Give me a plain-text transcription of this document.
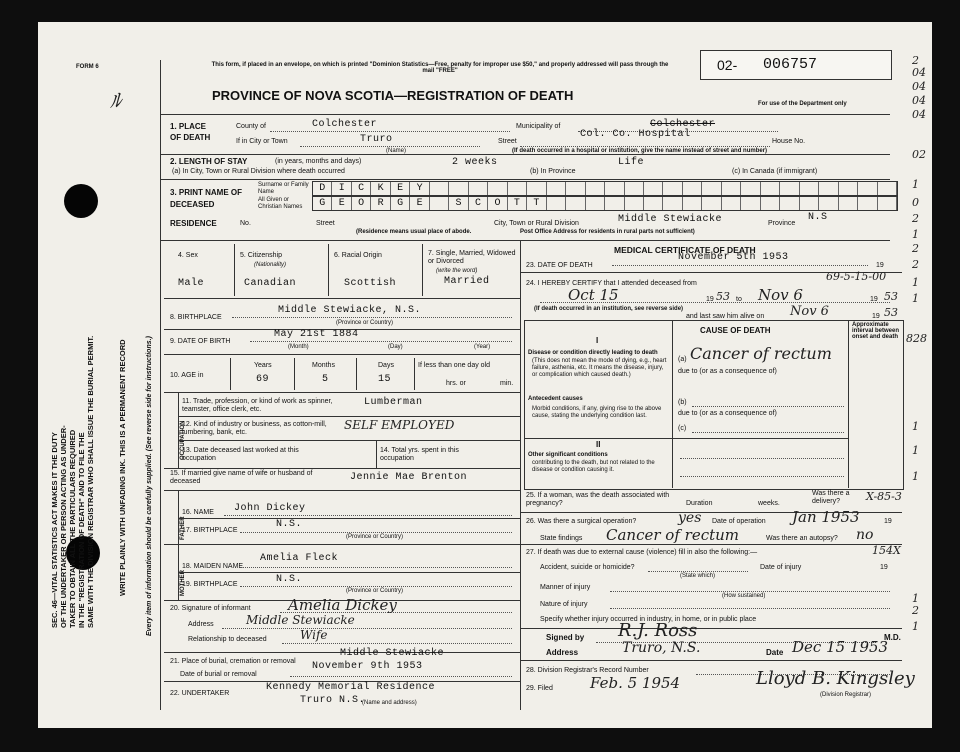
SEC. 46—VITAL STATISTICS ACT MAKES IT THE DUTY OF THE UNDERTAKER OR PERSON ACTING AS UNDER- TAKER TO OBTAIN ALL THE PARTICULARS REQUIRED IN THE "REGISTRATION OF DEATH" AND TO FILE THE SAME WITH THE DIVISION REGISTRAR WHO SHALL ISSUE THE BURIAL PERMIT.	WRITE PLAINLY WITH UNFADING INK. THIS IS A PERMANENT RECORD	Every item of information should be carefully supplied. (See reverse side for instructions.)
FORM 6	This form, if placed in an envelope, on which is printed "Dominion Statistics—Free, penalty for improper use $50," and properly addressed will pass through the mail "FREE"
PROVINCE OF NOVA SCOTIA—REGISTRATION OF DEATH
02- 006757
For use of the Department only
ﾙ
2
04
04
04
04
02
1
0
2
1
2
2
1
1
828
1
1
1
1
2
1
1. PLACE OF DEATH
County of	Colchester	Municipality of	Colchester
If in City or Town	Truro
(Name)
Street
Col. Co. Hospital
House No.
(If death occurred in a hospital or institution, give the name instead of street and number)
2. LENGTH OF STAY	(in years, months and days)
(a) In City, Town or Rural Division where death occurred
2 weeks
(b) In Province
Life
(c) In Canada (if immigrant)
3. PRINT NAME OF DECEASED
Surname or Family Name
All Given or Christian Names
D	I	C	K	E	Y
G	E	O	R	G	E	S	C	O	T	T
RESIDENCE	No.	Street	City, Town or Rural Division	Middle Stewiacke	Province
N.S
(Residence means usual place of abode.	Post Office Address for residents in rural parts not sufficient)
4. Sex
Male
5. Citizenship
(Nationality)
Canadian
6. Racial Origin
Scottish
7. Single, Married, Widowed or Divorced
(write the word)
Married
8. BIRTHPLACE
Middle Stewiacke, N.S.
(Province or Country)
9. DATE OF BIRTH
May 21st 1884
(Month)	(Day)	(Year)
10. AGE in
Years
69
Months
5
Days
15
If less than one day old
hrs. or	min.
OCCUPATION
11. Trade, profession, or kind of work as spinner, teamster, office clerk, etc.
Lumberman
12. Kind of industry or business, as cotton-mill, lumbering, bank, etc.
SELF EMPLOYED
13. Date deceased last worked at this occupation
14. Total yrs. spent in this occupation
15. If married give name of wife or husband of deceased	Jennie Mae Brenton
FATHER
16. NAME John Dickey
17. BIRTHPLACE
N.S.
(Province or Country)
MOTHER
18. MAIDEN NAME
Amelia Fleck
19. BIRTHPLACE	N.S.
(Province or Country)
20. Signature of informant Amelia Dickey
Address	Middle Stewiacke
Relationship to deceased	Wife
21. Place of burial, cremation or removal
Middle Stewiacke
Date of burial or removal
November 9th 1953
22. UNDERTAKER
Kennedy Memorial Residence
Truro N.S.
(Name and address)
MEDICAL CERTIFICATE OF DEATH
23. DATE OF DEATH
November 5th 1953
19
24. I HEREBY CERTIFY that I attended deceased from
69-5-15-00
Oct 15	19 53 to Nov 6	19 53
(If death occurred in an institution, see reverse side)
and last saw him alive on Nov 6	19 53
CAUSE OF DEATH
Approximate interval between onset and death
I
Disease or condition directly leading to death
(This does not mean the mode of dying, e.g., heart failure, asthenia, etc. It means the disease, injury, or complication which caused death.)
(a) Cancer of rectum
due to (or as a consequence of)
Antecedent causes
Morbid conditions, if any, giving rise to the above cause, stating the underlying condition last.
(b)
due to (or as a consequence of)
(c)
II
Other significant conditions
contributing to the death, but not related to the disease or condition causing it.
25. If a woman, was the death associated with pregnancy?	Duration	weeks.
Was there a delivery?	X-85-3
26. Was there a surgical operation?	yes Date of operation Jan 1953	19
State findings Cancer of rectum	Was there an autopsy? no
27. If death was due to external cause (violence) fill in also the following:—	154X
Accident, suicide or homicide?
(State which)
Date of injury	19
Manner of injury
(How sustained)
Nature of injury
Specify whether injury occurred in industry, in home, or in public place
Signed by R.J. Ross	M.D.
Address	Truro, N.S.	Date Dec 15 1953
28. Division Registrar's Record Number
29. Filed Feb. 5 1954	Lloyd B. Kingsley
(Division Registrar)
